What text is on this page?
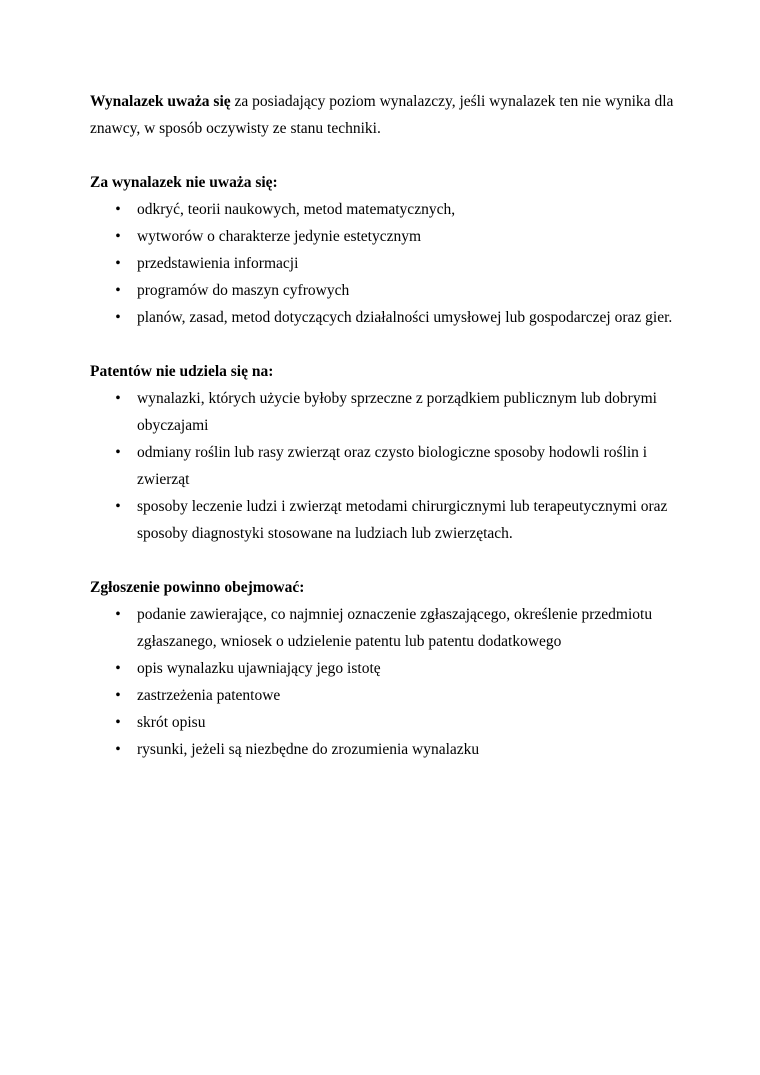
Wynalazek uważa się za posiadający poziom wynalazczy, jeśli wynalazek ten nie wynika dla
znawcy, w sposób oczywisty ze stanu techniki.

Za wynalazek nie uważa się:

• odkryć, teorii naukowych, metod matematycznych,
• wytworów o charakterze jedynie estetycznym
• przedstawienia informacji
• programów do maszyn cyfrowych
• planów, zasad, metod dotyczących działalności umysłowej lub gospodarczej oraz gier.

Patentów nie udziela się na:

• wynalazki, których użycie byłoby sprzeczne z porządkiem publicznym lub dobrymi
obyczajami
• odmiany roślin lub rasy zwierząt oraz czysto biologiczne sposoby hodowli roślin i
zwierząt
• sposoby leczenie ludzi i zwierząt metodami chirurgicznymi lub terapeutycznymi oraz
sposoby diagnostyki stosowane na ludziach lub zwierzętach.

Zgłoszenie powinno obejmować:

• podanie zawierające, co najmniej oznaczenie zgłaszającego, określenie przedmiotu
zgłaszanego, wniosek o udzielenie patentu lub patentu dodatkowego
• opis wynalazku ujawniający jego istotę
• zastrzeżenia patentowe
• skrót opisu
• rysunki, jeżeli są niezbędne do zrozumienia wynalazku
